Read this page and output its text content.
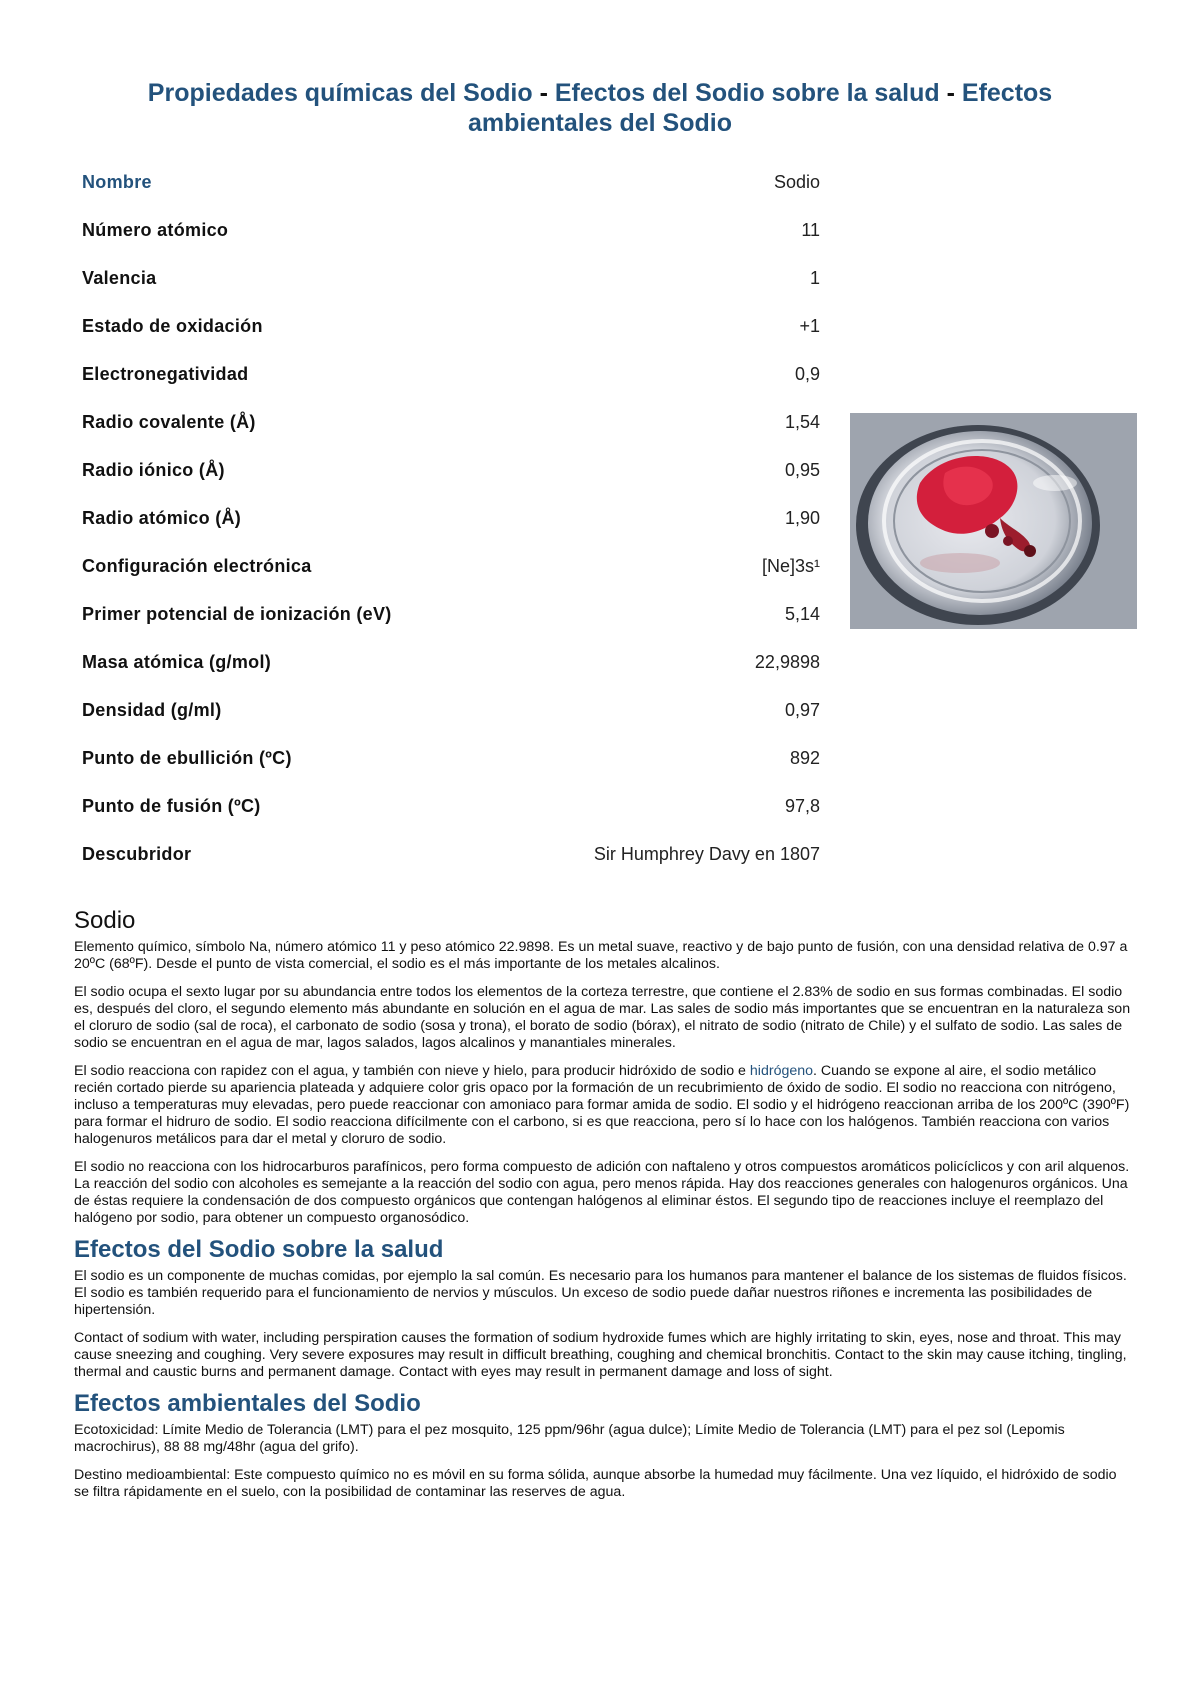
Propiedades químicas del Sodio - Efectos del Sodio sobre la salud - Efectos ambientales del Sodio
Nombre	Sodio
Número atómico	11
Valencia	1
Estado de oxidación	+1
Electronegatividad	0,9
Radio covalente (Å)	1,54
Radio iónico (Å)	0,95
Radio atómico (Å)	1,90
Configuración electrónica	[Ne]3s¹
Primer potencial de ionización (eV)	5,14
Masa atómica (g/mol)	22,9898
Densidad (g/ml)	0,97
Punto de ebullición (ºC)	892
Punto de fusión (ºC)	97,8
Descubridor	Sir Humphrey Davy en 1807
Sodio

Elemento químico, símbolo Na, número atómico 11 y peso atómico 22.9898. Es un metal suave, reactivo y de bajo punto de fusión, con una densidad relativa de 0.97 a 20ºC (68ºF). Desde el punto de vista comercial, el sodio es el más importante de los metales alcalinos.

El sodio ocupa el sexto lugar por su abundancia entre todos los elementos de la corteza terrestre, que contiene el 2.83% de sodio en sus formas combinadas. El sodio es, después del cloro, el segundo elemento más abundante en solución en el agua de mar. Las sales de sodio más importantes que se encuentran en la naturaleza son el cloruro de sodio (sal de roca), el carbonato de sodio (sosa y trona), el borato de sodio (bórax), el nitrato de sodio (nitrato de Chile) y el sulfato de sodio. Las sales de sodio se encuentran en el agua de mar, lagos salados, lagos alcalinos y manantiales minerales.

El sodio reacciona con rapidez con el agua, y también con nieve y hielo, para producir hidróxido de sodio e hidrógeno. Cuando se expone al aire, el sodio metálico recién cortado pierde su apariencia plateada y adquiere color gris opaco por la formación de un recubrimiento de óxido de sodio. El sodio no reacciona con nitrógeno, incluso a temperaturas muy elevadas, pero puede reaccionar con amoniaco para formar amida de sodio. El sodio y el hidrógeno reaccionan arriba de los 200ºC (390ºF) para formar el hidruro de sodio. El sodio reacciona difícilmente con el carbono, si es que reacciona, pero sí lo hace con los halógenos. También reacciona con varios halogenuros metálicos para dar el metal y cloruro de sodio.

El sodio no reacciona con los hidrocarburos parafínicos, pero forma compuesto de adición con naftaleno y otros compuestos aromáticos policíclicos y con aril alquenos. La reacción del sodio con alcoholes es semejante a la reacción del sodio con agua, pero menos rápida. Hay dos reacciones generales con halogenuros orgánicos. Una de éstas requiere la condensación de dos compuesto orgánicos que contengan halógenos al eliminar éstos. El segundo tipo de reacciones incluye el reemplazo del halógeno por sodio, para obtener un compuesto organosódico.

Efectos del Sodio sobre la salud

El sodio es un componente de muchas comidas, por ejemplo la sal común. Es necesario para los humanos para mantener el balance de los sistemas de fluidos físicos. El sodio es también requerido para el funcionamiento de nervios y músculos. Un exceso de sodio puede dañar nuestros riñones e incrementa las posibilidades de hipertensión.

Contact of sodium with water, including perspiration causes the formation of sodium hydroxide fumes which are highly irritating to skin, eyes, nose and throat. This may cause sneezing and coughing. Very severe exposures may result in difficult breathing, coughing and chemical bronchitis. Contact to the skin may cause itching, tingling, thermal and caustic burns and permanent damage. Contact with eyes may result in permanent damage and loss of sight.

Efectos ambientales del Sodio

Ecotoxicidad: Límite Medio de Tolerancia (LMT) para el pez mosquito, 125 ppm/96hr (agua dulce); Límite Medio de Tolerancia (LMT) para el pez sol (Lepomis macrochirus), 88 88 mg/48hr (agua del grifo).

Destino medioambiental: Este compuesto químico no es móvil en su forma sólida, aunque absorbe la humedad muy fácilmente. Una vez líquido, el hidróxido de sodio se filtra rápidamente en el suelo, con la posibilidad de contaminar las reserves de agua.
